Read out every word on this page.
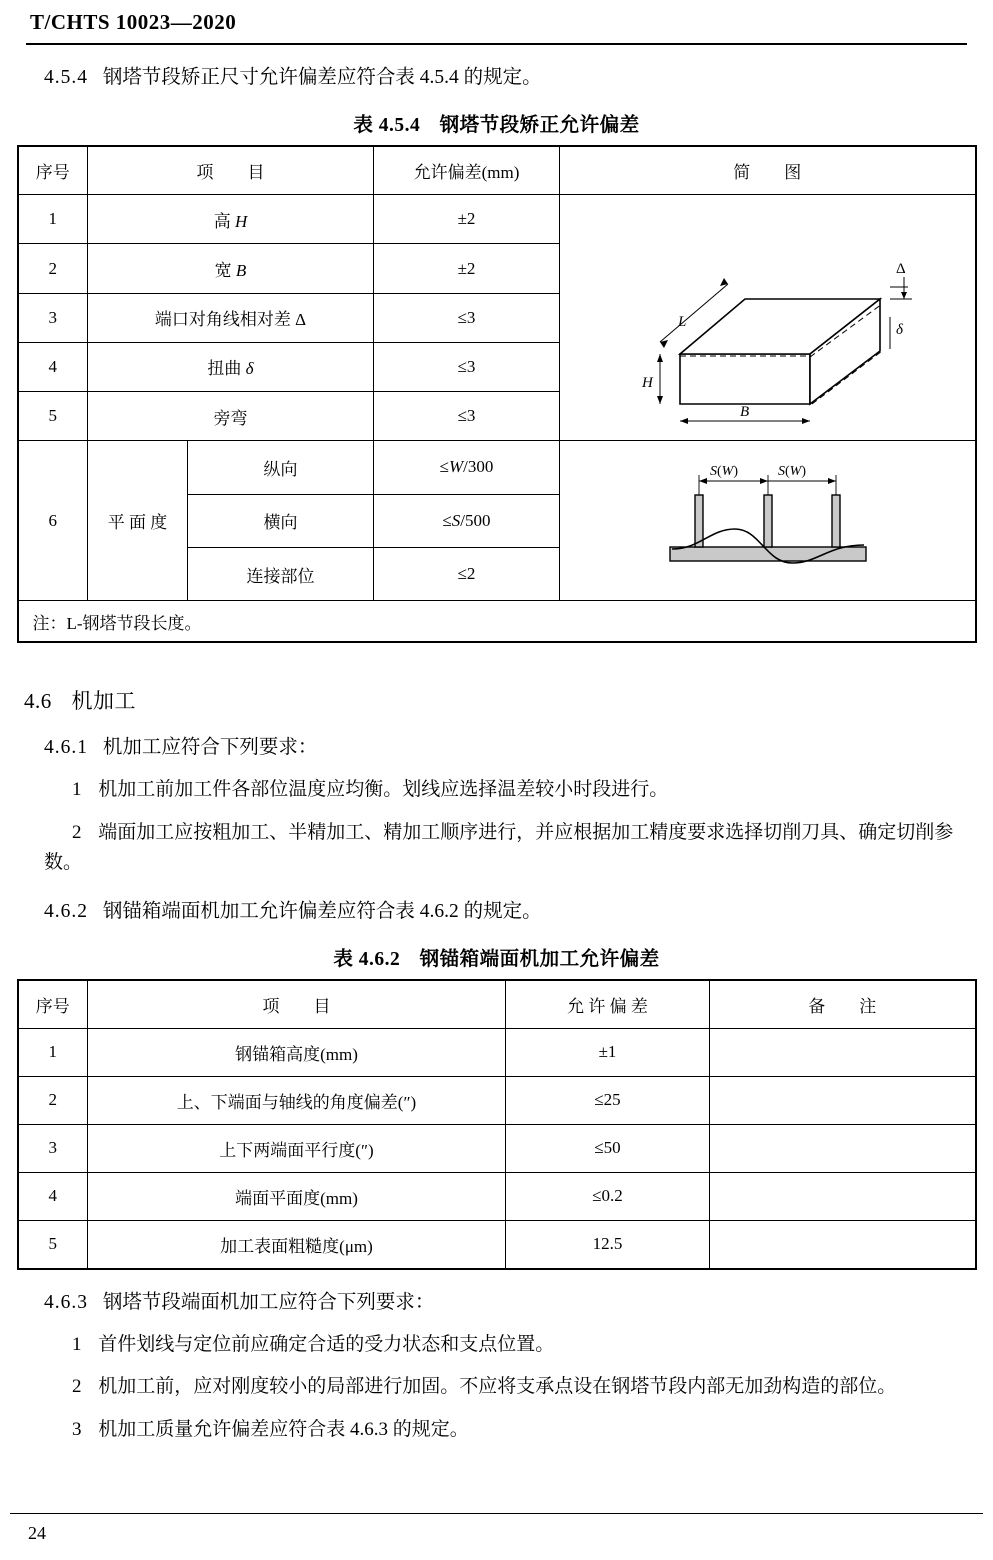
T/CHTS 10023—2020

4.5.4 钢塔节段矫正尺寸允许偏差应符合表 4.5.4 的规定。

表 4.5.4 钢塔节段矫正允许偏差
序号	项　　目		允许偏差(mm)	简　　图
1	高 H		±2	L
H
B
Δ
δ

2	宽 B		±2	
3	端口对角线相对差 Δ		≤3	
4	扭曲 δ		≤3	
5	旁弯		≤3	
6	平 面 度	纵向	≤W/300	S(W) S(W)

		横向	≤S/500	
		连接部位	≤2	
注：L-钢塔节段长度。				

4.6 机加工

4.6.1 机加工应符合下列要求：

1 机加工前加工件各部位温度应均衡。划线应选择温差较小时段进行。

2 端面加工应按粗加工、半精加工、精加工顺序进行，并应根据加工精度要求选择切削刀具、确定切削参数。

4.6.2 钢锚箱端面机加工允许偏差应符合表 4.6.2 的规定。

表 4.6.2 钢锚箱端面机加工允许偏差
序号	项　　目	允 许 偏 差	备　　注
1	钢锚箱高度(mm)	±1	
2	上、下端面与轴线的角度偏差(″)	≤25	
3	上下两端面平行度(″)	≤50	
4	端面平面度(mm)	≤0.2	
5	加工表面粗糙度(μm)	12.5	

4.6.3 钢塔节段端面机加工应符合下列要求：

1 首件划线与定位前应确定合适的受力状态和支点位置。

2 机加工前，应对刚度较小的局部进行加固。不应将支承点设在钢塔节段内部无加劲构造的部位。

3 机加工质量允许偏差应符合表 4.6.3 的规定。

24
